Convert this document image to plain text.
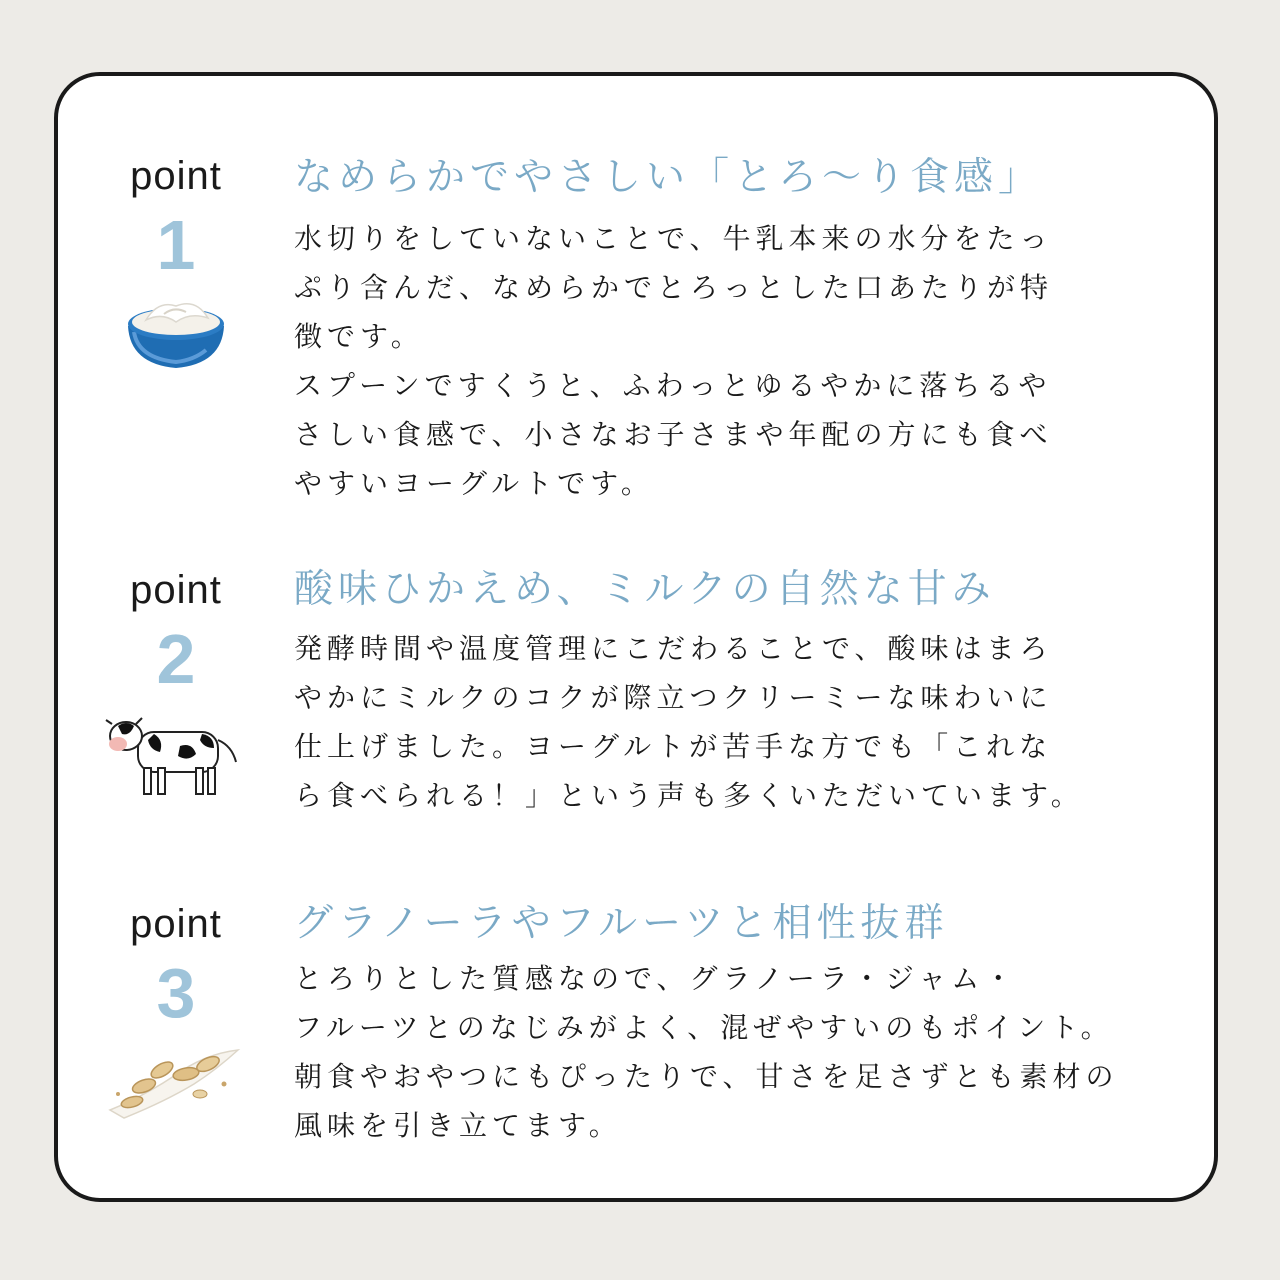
point
1
なめらかでやさしい「とろ〜り食感」
水切りをしていないことで、牛乳本来の水分をたっ
ぷり含んだ、なめらかでとろっとした口あたりが特
徴です。
スプーンですくうと、ふわっとゆるやかに落ちるや
さしい食感で、小さなお子さまや年配の方にも食べ
やすいヨーグルトです。
point
2
酸味ひかえめ、ミルクの自然な甘み
発酵時間や温度管理にこだわることで、酸味はまろ
やかにミルクのコクが際立つクリーミーな味わいに
仕上げました。ヨーグルトが苦手な方でも「これな
ら食べられる！」という声も多くいただいています。
point
3
グラノーラやフルーツと相性抜群
とろりとした質感なので、グラノーラ・ジャム・
フルーツとのなじみがよく、混ぜやすいのもポイント。
朝食やおやつにもぴったりで、甘さを足さずとも素材の
風味を引き立てます。
